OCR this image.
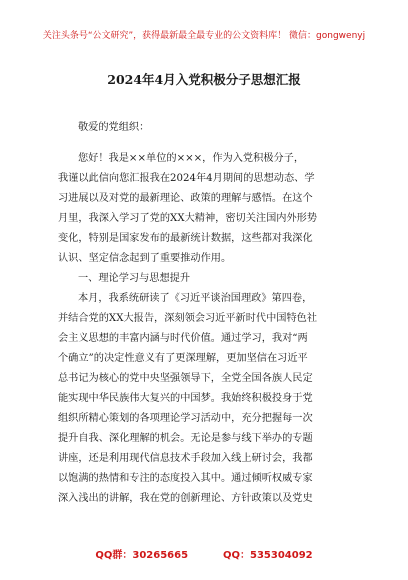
关注头条号“公文研究”，获得最新最全最专业的公文资料库！ 微信：gongwenyj
2024年4月入党积极分子思想汇报
敬爱的党组织：
您好！我是××单位的×××，作为入党积极分子，
我谨以此信向您汇报我在2024年4月期间的思想动态、学
习进展以及对党的最新理论、政策的理解与感悟。在这个
月里，我深入学习了党的XX大精神，密切关注国内外形势
变化，特别是国家发布的最新统计数据，这些都对我深化
认识、坚定信念起到了重要推动作用。
一、理论学习与思想提升
本月，我系统研读了《习近平谈治国理政》第四卷，
并结合党的XX大报告，深刻领会习近平新时代中国特色社
会主义思想的丰富内涵与时代价值。通过学习，我对“两
个确立”的决定性意义有了更深理解，更加坚信在习近平
总书记为核心的党中央坚强领导下，全党全国各族人民定
能实现中华民族伟大复兴的中国梦。我始终积极投身于党
组织所精心策划的各项理论学习活动中，充分把握每一次
提升自我、深化理解的机会。无论是参与线下举办的专题
讲座，还是利用现代信息技术手段加入线上研讨会，我都
以饱满的热情和专注的态度投入其中。通过倾听权威专家
深入浅出的讲解，我在党的创新理论、方针政策以及党史
QQ群：30265665	QQ：535304092
